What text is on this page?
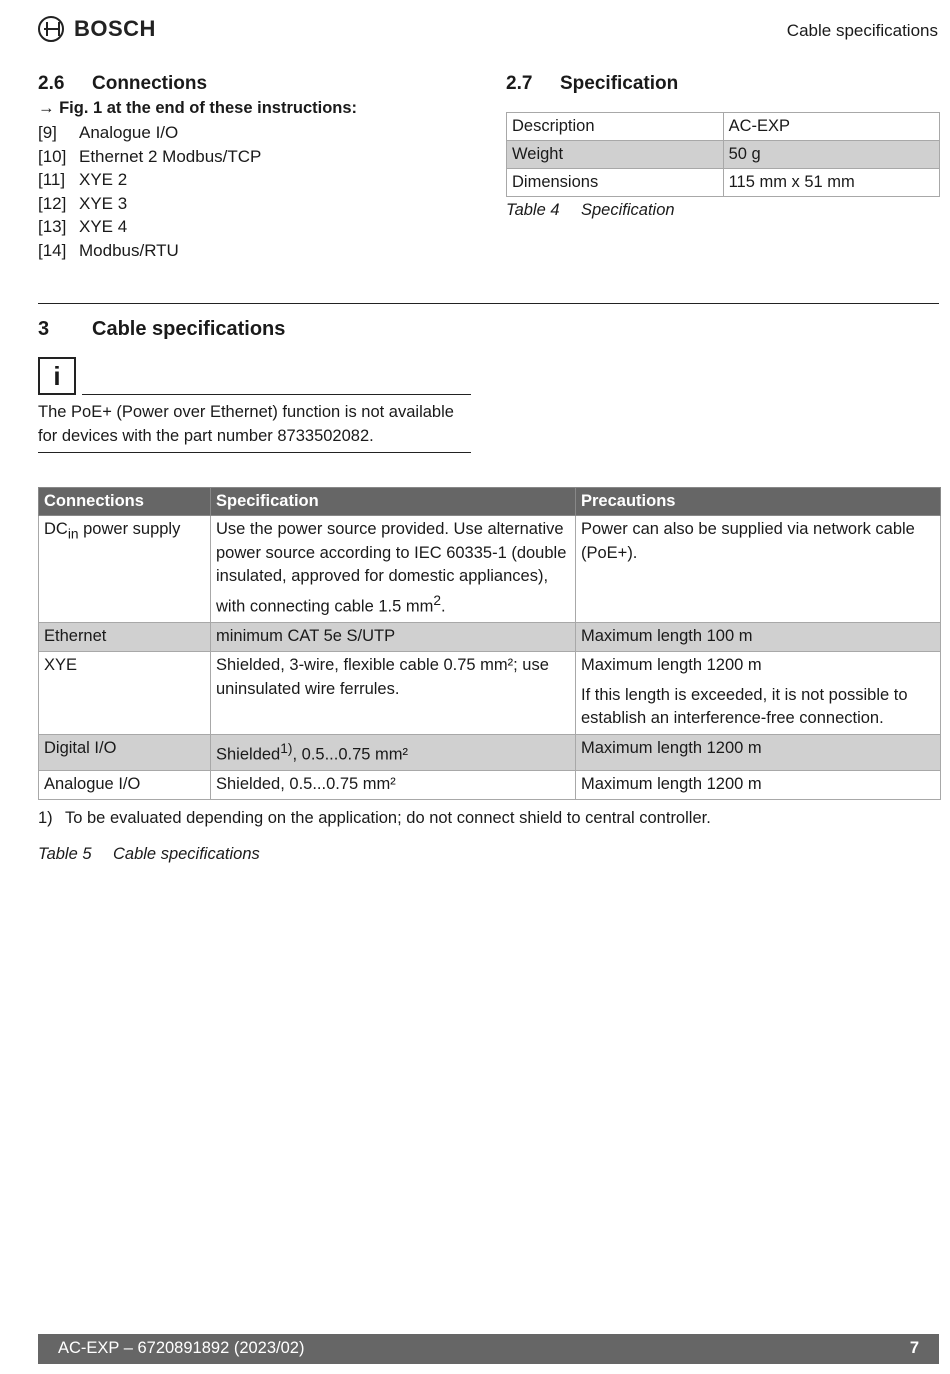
BOSCH	Cable specifications
2.6 Connections
→ Fig. 1 at the end of these instructions:
[9]	Analogue I/O
[10] Ethernet 2 Modbus/TCP
[11] XYE 2
[12] XYE 3
[13] XYE 4
[14] Modbus/RTU
2.7 Specification
Description	AC-EXP
Weight	50 g
Dimensions	115 mm x 51 mm
Table 4 Specification
3 Cable specifications
i
The PoE+ (Power over Ethernet) function is not available for devices with the part number 8733502082.
Connections	Specification	Precautions
$DC_{in}$ power supply	Use the power source provided. Use alternative power source according to IEC 60335-1 (double insulated, approved for domestic appliances), with connecting cable 1.5 $mm^2$.	Power can also be supplied via network cable (PoE+).
Ethernet	minimum CAT 5e S/UTP	Maximum length 100 m
XYE	Shielded, 3-wire, flexible cable 0.75 mm²; use uninsulated wire ferrules.	Maximum length 1200 m
If this length is exceeded, it is not possible to establish an interference-free connection.

Digital I/O	Shielded$^{1)}$, 0.5...0.75 mm²	Maximum length 1200 m
Analogue I/O	Shielded, 0.5...0.75 mm²	Maximum length 1200 m
1) To be evaluated depending on the application; do not connect shield to central controller.
Table 5 Cable specifications
AC-EXP – 6720891892 (2023/02)	7
